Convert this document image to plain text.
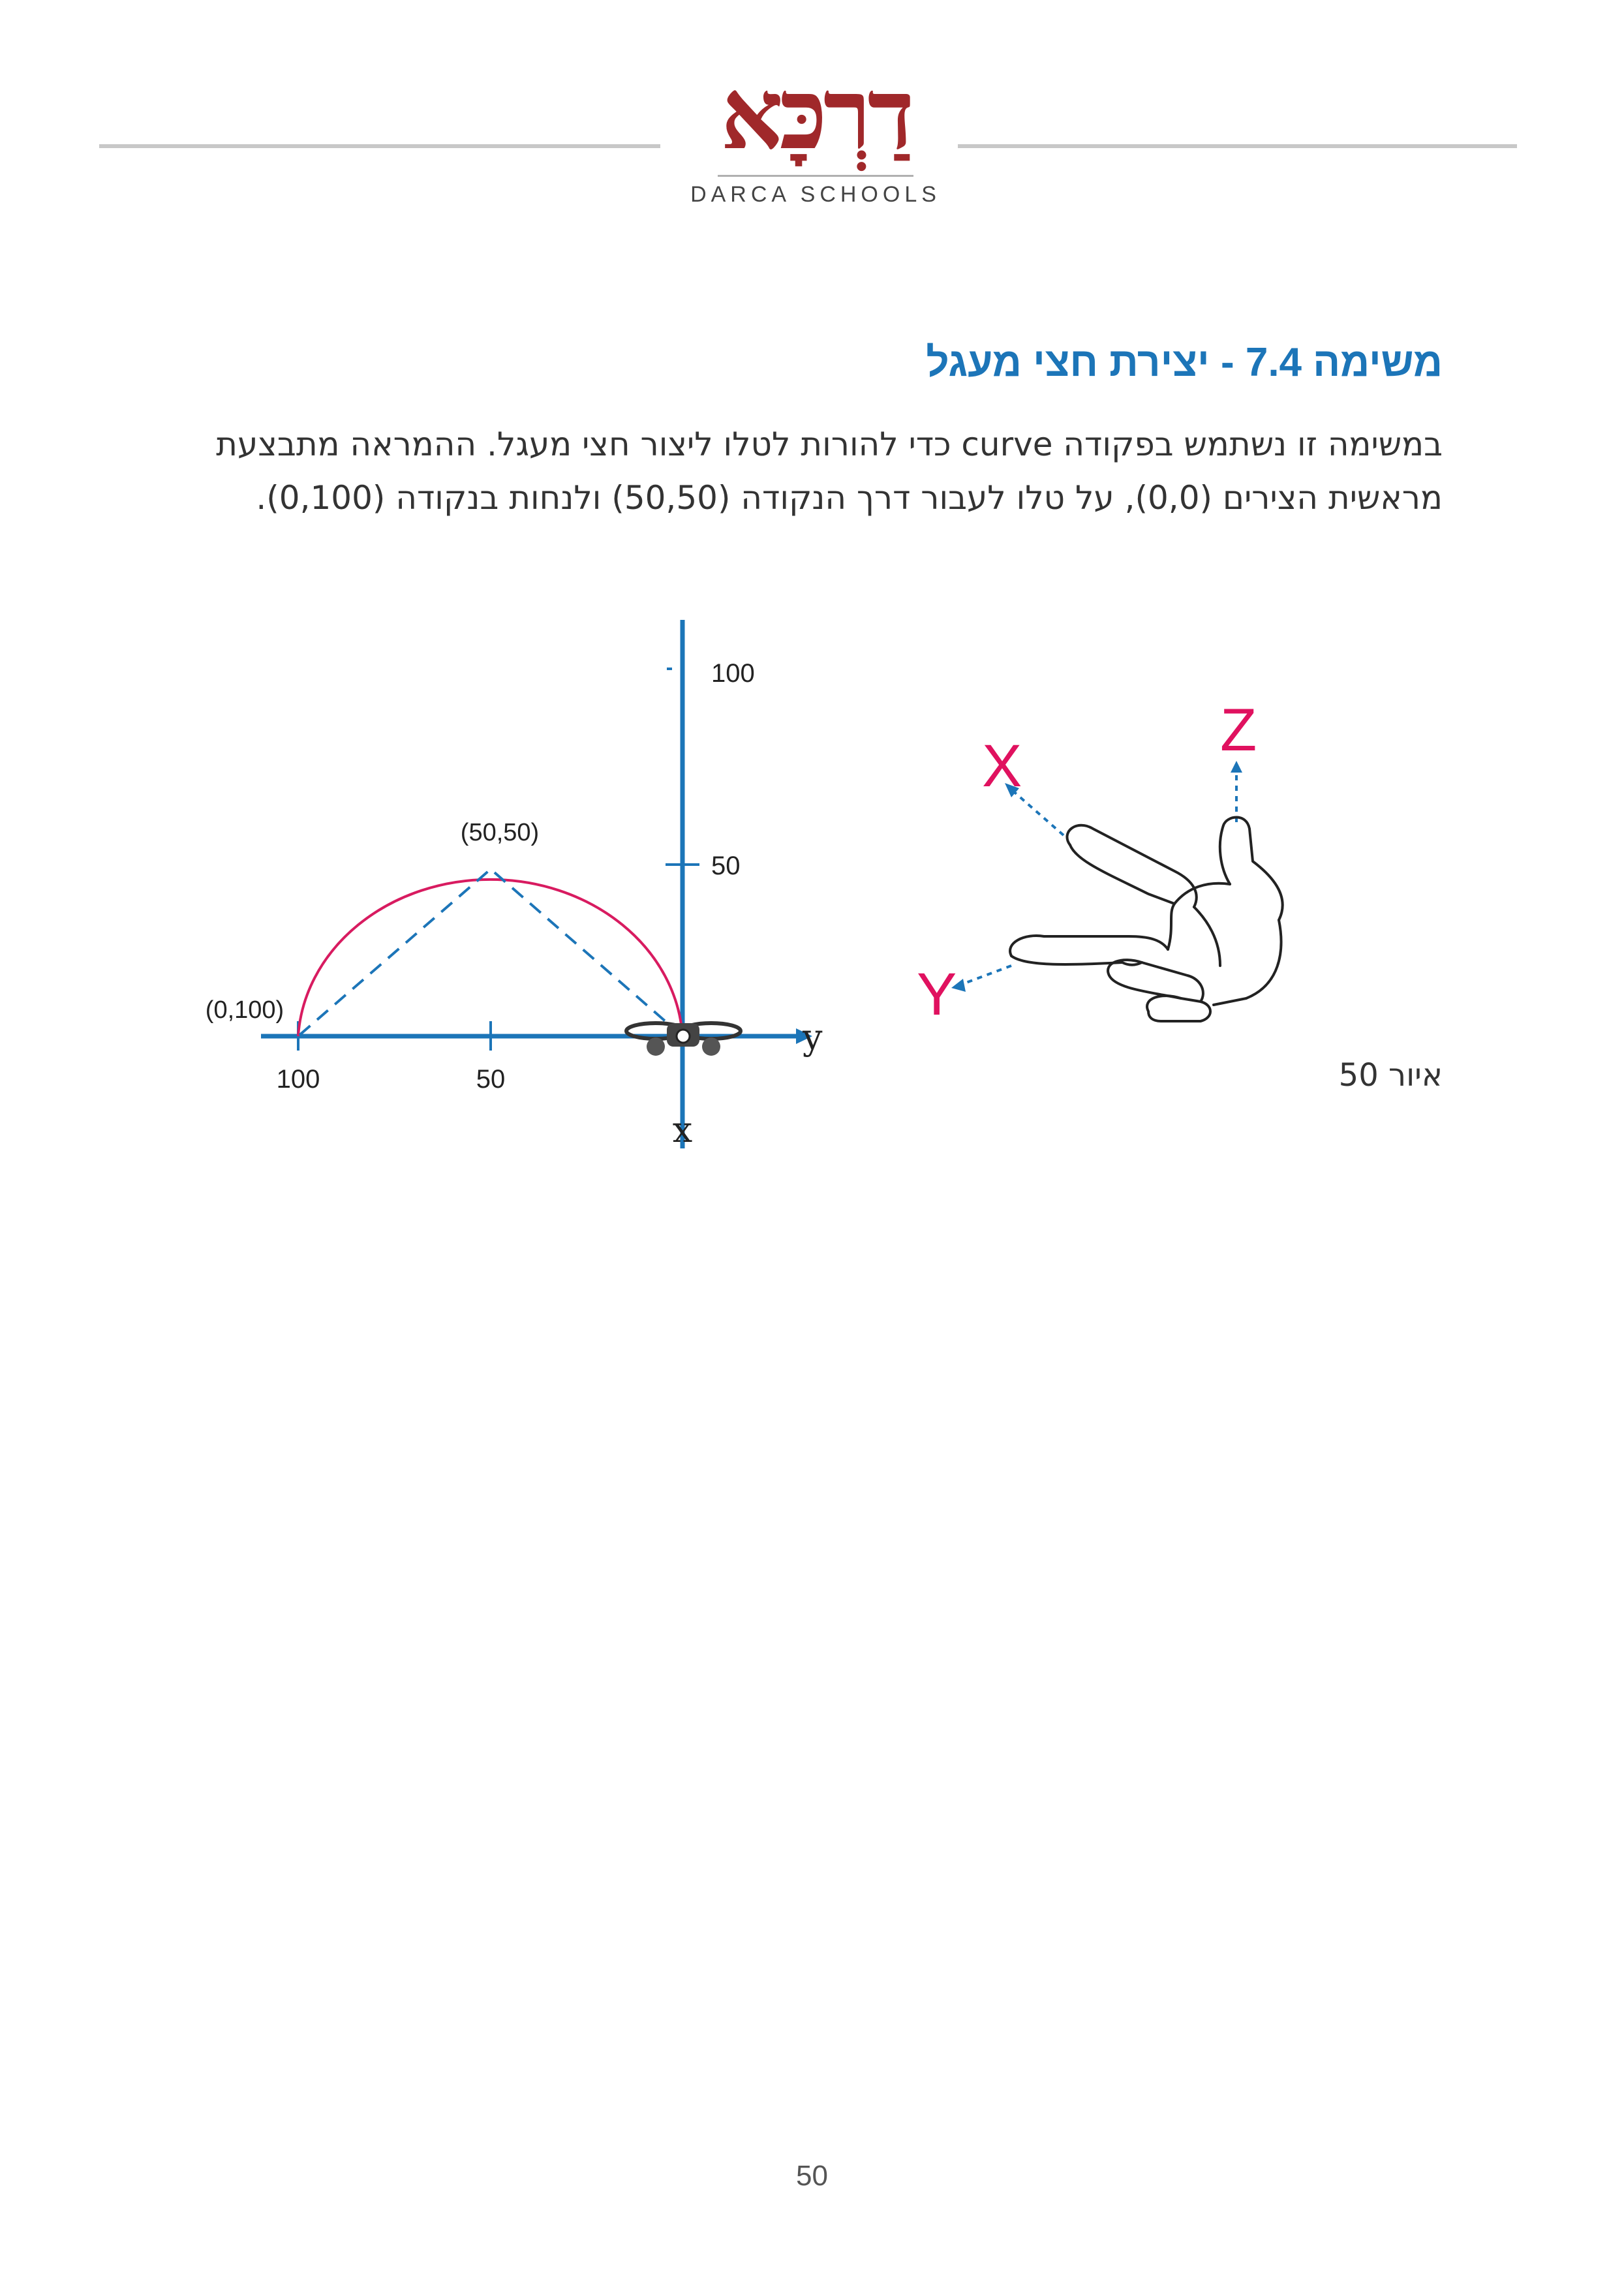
דַרְכָּא
DARCA SCHOOLS
משימה 7.4 - יצירת חצי מעגל
במשימה זו נשתמש בפקודה curve כדי להורות לטלו ליצור חצי מעגל. ההמראה מתבצעת מראשית הצירים (0,0), על טלו לעבור דרך הנקודה (50,50) ולנחות בנקודה (0,100).
100
50
100	50
y
x
(50,50)
(0,100)
X
Y
Z
איור 50
50
